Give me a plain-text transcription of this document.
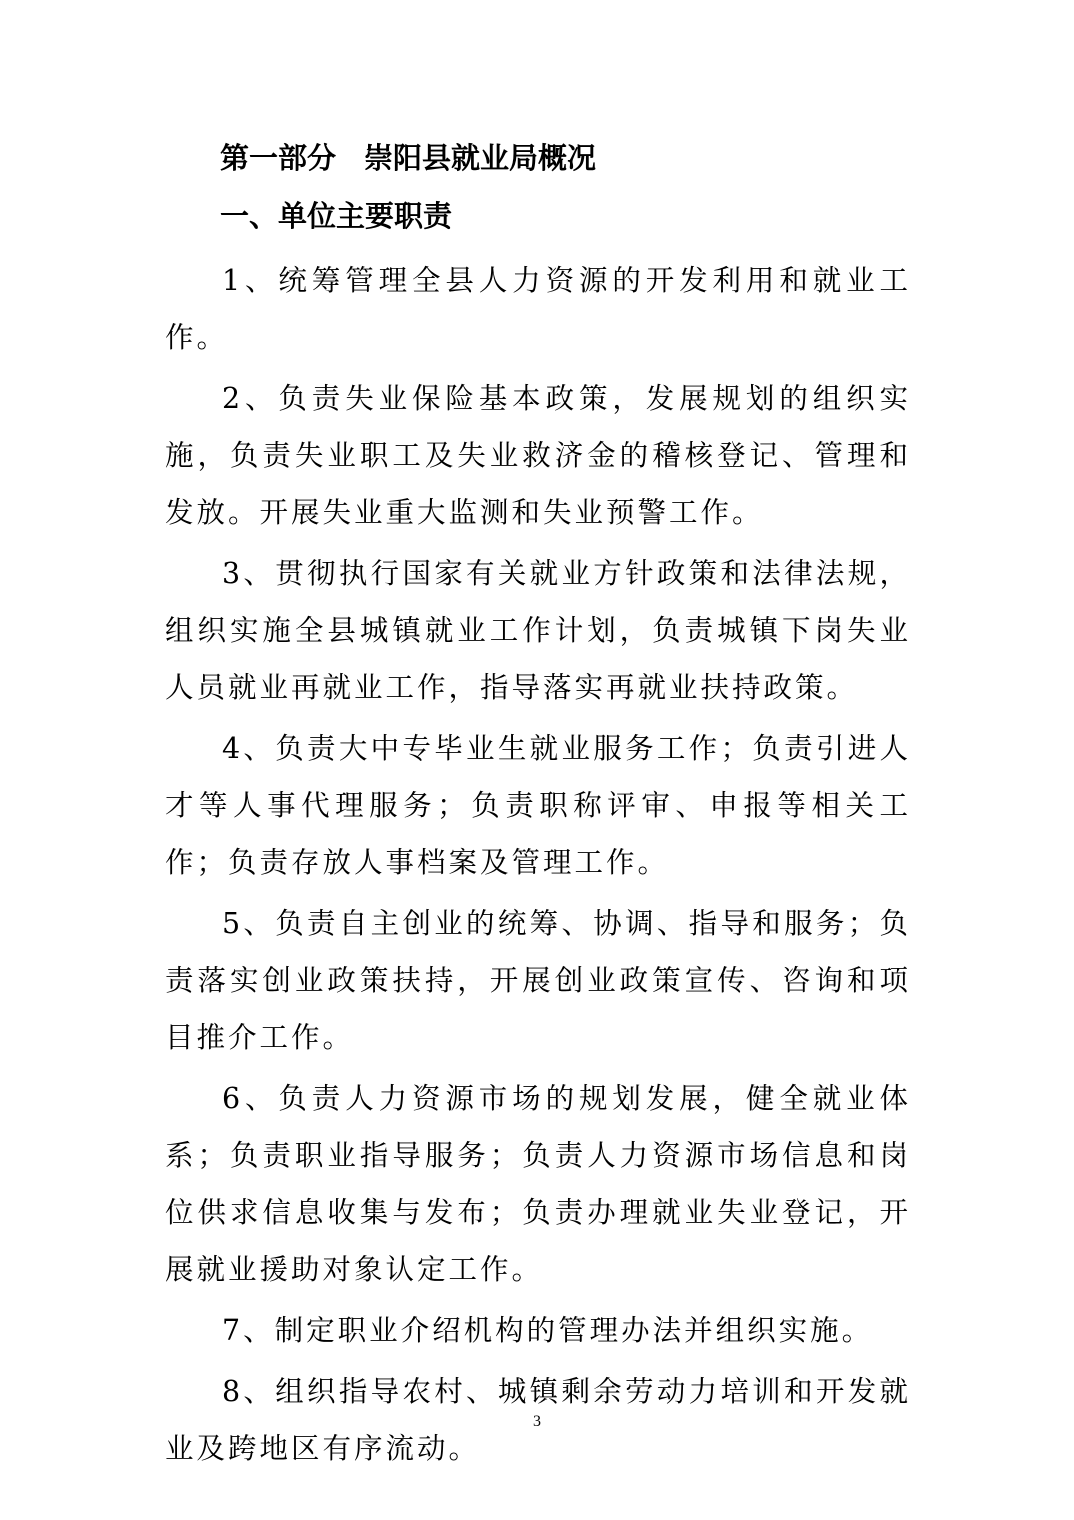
第一部分 崇阳县就业局概况
一、单位主要职责

1、统筹管理全县人力资源的开发利用和就业工作。

2、负责失业保险基本政策，发展规划的组织实施，负责失业职工及失业救济金的稽核登记、管理和发放。开展失业重大监测和失业预警工作。

3、贯彻执行国家有关就业方针政策和法律法规，组织实施全县城镇就业工作计划，负责城镇下岗失业人员就业再就业工作，指导落实再就业扶持政策。

4、负责大中专毕业生就业服务工作；负责引进人才等人事代理服务；负责职称评审、申报等相关工作；负责存放人事档案及管理工作。

5、负责自主创业的统筹、协调、指导和服务；负责落实创业政策扶持，开展创业政策宣传、咨询和项目推介工作。

6、负责人力资源市场的规划发展，健全就业体系；负责职业指导服务；负责人力资源市场信息和岗位供求信息收集与发布；负责办理就业失业登记，开展就业援助对象认定工作。

7、制定职业介绍机构的管理办法并组织实施。

8、组织指导农村、城镇剩余劳动力培训和开发就业及跨地区有序流动。

3
